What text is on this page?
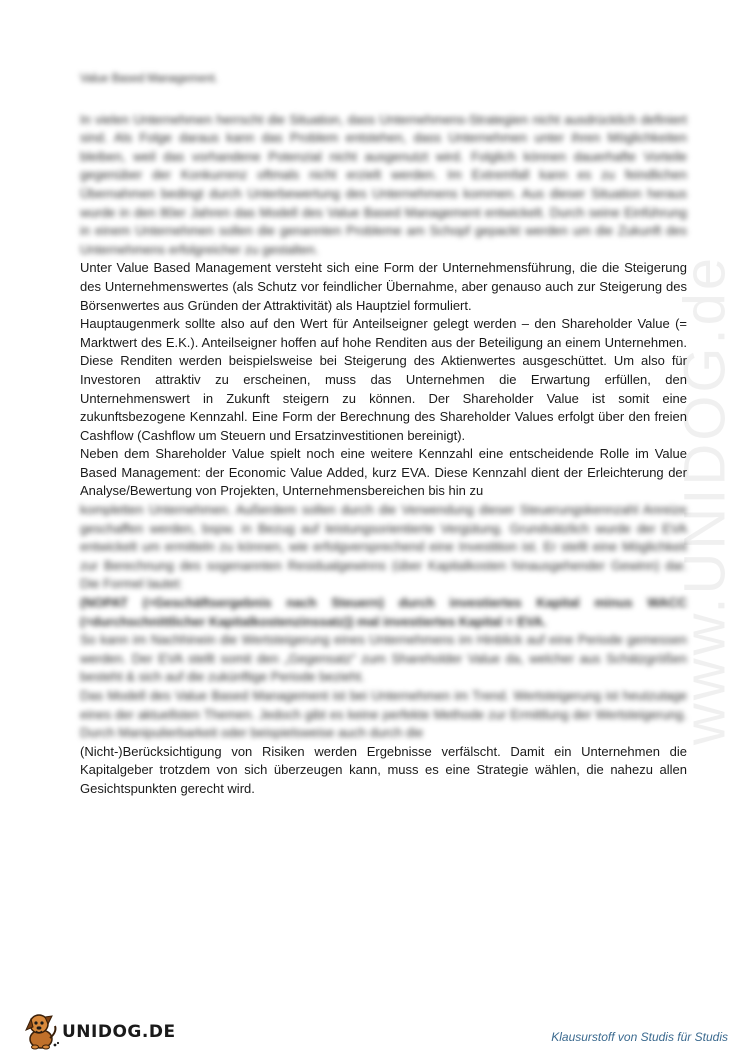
www.UNIDOG.de

Value Based Management.

In vielen Unternehmen herrscht die Situation, dass Unternehmens-Strategien nicht ausdrücklich definiert sind. Als Folge daraus kann das Problem entstehen, dass Unternehmen unter ihren Möglichkeiten bleiben, weil das vorhandene Potenzial nicht ausgenutzt wird. Folglich können dauerhafte Vorteile gegenüber der Konkurrenz oftmals nicht erzielt werden. Im Extremfall kann es zu feindlichen Übernahmen bedingt durch Unterbewertung des Unternehmens kommen. Aus dieser Situation heraus wurde in den 80er Jahren das Modell des Value Based Management entwickelt. Durch seine Einführung in einem Unternehmen sollen die genannten Probleme am Schopf gepackt werden um die Zukunft des Unternehmens erfolgreicher zu gestalten.

Unter Value Based Management versteht sich eine Form der Unternehmensführung, die die Steigerung des Unternehmenswertes (als Schutz vor feindlicher Übernahme, aber genauso auch zur Steigerung des Börsenwertes aus Gründen der Attraktivität) als Hauptziel formuliert.

Hauptaugenmerk sollte also auf den Wert für Anteilseigner gelegt werden – den Shareholder Value (= Marktwert des E.K.). Anteilseigner hoffen auf hohe Renditen aus der Beteiligung an einem Unternehmen. Diese Renditen werden beispielsweise bei Steigerung des Aktienwertes ausgeschüttet. Um also für Investoren attraktiv zu erscheinen, muss das Unternehmen die Erwartung erfüllen, den Unternehmenswert in Zukunft steigern zu können. Der Shareholder Value ist somit eine zukunftsbezogene Kennzahl. Eine Form der Berechnung des Shareholder Values erfolgt über den freien Cashflow (Cashflow um Steuern und Ersatzinvestitionen bereinigt).

Neben dem Shareholder Value spielt noch eine weitere Kennzahl eine entscheidende Rolle im Value Based Management: der Economic Value Added, kurz EVA. Diese Kennzahl dient der Erleichterung der Analyse/Bewertung von Projekten, Unternehmensbereichen bis hin zu

kompletten Unternehmen. Außerdem sollen durch die Verwendung dieser Steuerungskennzahl Anreize geschaffen werden, bspw. in Bezug auf leistungsorientierte Vergütung. Grundsätzlich wurde der EVA entwickelt um ermitteln zu können, wie erfolgversprechend eine Investition ist. Er stellt eine Möglichkeit zur Berechnung des sogenannten Residualgewinns (über Kapitalkosten hinausgehender Gewinn) dar. Die Formel lautet:

(NOPAT (=Geschäftsergebnis nach Steuern) durch investiertes Kapital minus WACC (=durchschnittlicher Kapitalkostenzinssatz)) mal investiertes Kapital = EVA.

So kann im Nachhinein die Wertsteigerung eines Unternehmens im Hinblick auf eine Periode gemessen werden. Der EVA stellt somit den „Gegensatz“ zum Shareholder Value da, welcher aus Schätzgrößen besteht & sich auf die zukünftige Periode bezieht.

Das Modell des Value Based Management ist bei Unternehmen im Trend. Wertsteigerung ist heutzutage eines der aktuellsten Themen. Jedoch gibt es keine perfekte Methode zur Ermittlung der Wertsteigerung. Durch Manipulierbarkeit oder beispielsweise auch durch die

(Nicht-)Berücksichtigung von Risiken werden Ergebnisse verfälscht. Damit ein Unternehmen die Kapitalgeber trotzdem von sich überzeugen kann, muss es eine Strategie wählen, die nahezu allen Gesichtspunkten gerecht wird.

UNIDOG.DE	Klausurstoff von Studis für Studis
